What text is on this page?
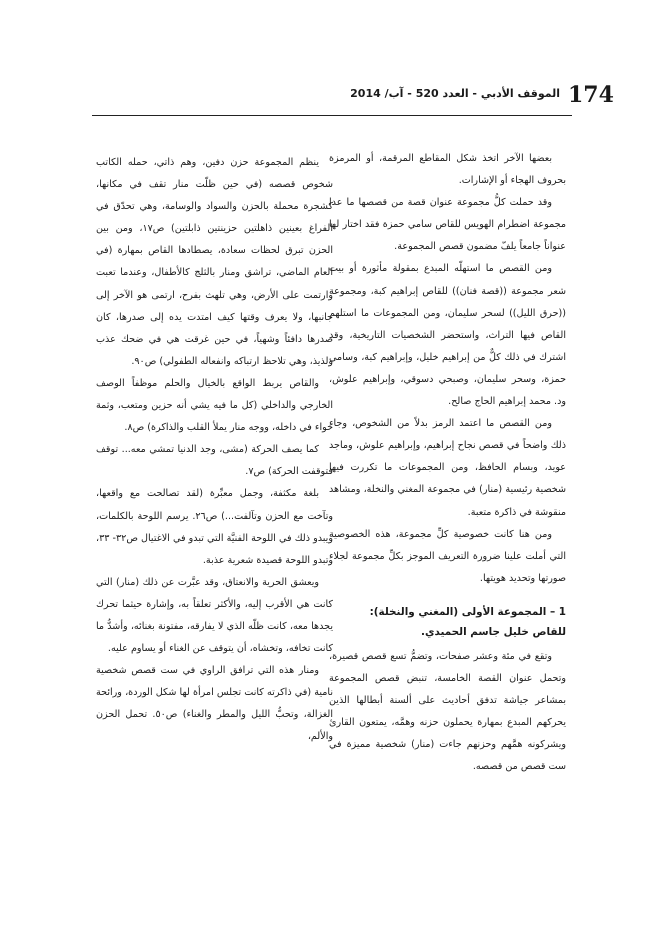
174
الموقف الأدبي - العدد 520 - آب/ 2014

بعضها الآخر اتخذ شكل المقاطع المرقمة، أو المرمزة بحروف الهجاء أو الإشارات.

وقد حملت كلُّ مجموعة عنوان قصة من قصصها ما عدا مجموعة اضطرام الهويس للقاص سامي حمزة فقد اختار لها عنواناً جامعاً يلفّ مضمون قصص المجموعة.

ومن القصص ما استهلّه المبدع بمقولة مأثورة أو بيت شعر مجموعة ((قصة فنان)) للقاص إبراهيم كبة، ومجموعة ((حرق الليل)) لسحر سليمان، ومن المجموعات ما استلهم القاص فيها التراث، واستحضر الشخصيات التاريخية، وقد اشترك في ذلك كلٌّ من إبراهيم خليل، وإبراهيم كبة، وسامي حمزة، وسحر سليمان، وصبحي دسوقي، وإبراهيم علوش، ود. محمد إبراهيم الحاج صالح.

ومن القصص ما اعتمد الرمز بدلاً من الشخوص، وجاء ذلك واضحاً في قصص نجاح إبراهيم، وإبراهيم علوش، وماجد عويد، وبسام الحافظ، ومن المجموعات ما تكررت فيها شخصية رئيسية (منار) في مجموعة المغني والنخلة، ومشاهد منقوشة في ذاكرة متعبة.

ومن هنا كانت خصوصية كلِّ مجموعة، هذه الخصوصية التي أملت علينا ضرورة التعريف الموجز بكلِّ مجموعة لجلاء صورتها وتحديد هويتها.

1 – المجموعة الأولى (المغني والنخلة):
للقاص خليل جاسم الحميدي.

وتقع في مئة وعشر صفحات، وتضمُّ تسع قصص قصيرة، وتحمل عنوان القصة الخامسة، تنبض قصص المجموعة بمشاعر جياشة تدفق أحاديث على ألسنة أبطالها الذين يحركهم المبدع بمهارة يحملون حزنه وهمَّه، يمتعون القارئ ويشركونه همَّهم وحزنهم جاءت (منار) شخصية مميزة في ست قصص من قصصه.

ينظم المجموعة حزن دفين، وهم ذاتي، حمله الكاتب شخوص قصصه (في حين ظلّت منار تقف في مكانها، كشجرة محملة بالحزن والسواد والوسامة، وهي تحدّق في الفراغ بعينين ذاهلتين حزينتين ذابلتين) ص١٧، ومن بين الحزن تبرق لحظات سعادة، يصطادها القاص بمهارة (في العام الماضي، تراشق ومنار بالثلج كالأطفال، وعندما تعبت وارتمت على الأرض، وهي تلهث بفرح، ارتمى هو الآخر إلى جانبها، ولا يعرف وقتها كيف امتدت يده إلى صدرها، كان صدرها دافئاً وشهياً، في حين غرقت هي في ضحك عذب ولذيذ، وهي تلاحظ ارتباكه وانفعاله الطفولي) ص٩٠.

والقاص يربط الواقع بالخيال والحلم موظفاً الوصف الخارجي والداخلي (كل ما فيه يشي أنه حزين ومتعب، وثمة خواء في داخله، ووجه منار يملأ القلب والذاكرة) ص٨.

كما يصف الحركة (مشى، وجد الدنيا تمشي معه... توقف فتوقفت الحركة) ص٧.

بلغة مكثفة، وجمل معبِّرة (لقد تصالحت مع واقعها، وتآخت مع الحزن وتآلفت...) ص٢٦. يرسم اللوحة بالكلمات، ويبدو ذلك في اللوحة الفنيَّة التي تبدو في الاغتيال ص٣٢- ٣٣، وتبدو اللوحة قصيدة شعرية عذبة.

ويعشق الحرية والانعتاق، وقد عبَّرت عن ذلك (منار) التي كانت هي الأقرب إليه، والأكثر تعلقاً به، وإشارة حيثما تحرك يجدها معه، كانت ظلّه الذي لا يفارقه، مفتونة بغنائه، وأشدُّ ما كانت تخافه، وتخشاه، أن يتوقف عن الغناء أو يساوم عليه.

ومنار هذه التي ترافق الراوي في ست قصص شخصية نامية (في ذاكرته كانت تجلس امرأة لها شكل الوردة، ورائحة الغزالة، وتحبُّ الليل والمطر والغناء) ص٥٠. تحمل الحزن والألم،
